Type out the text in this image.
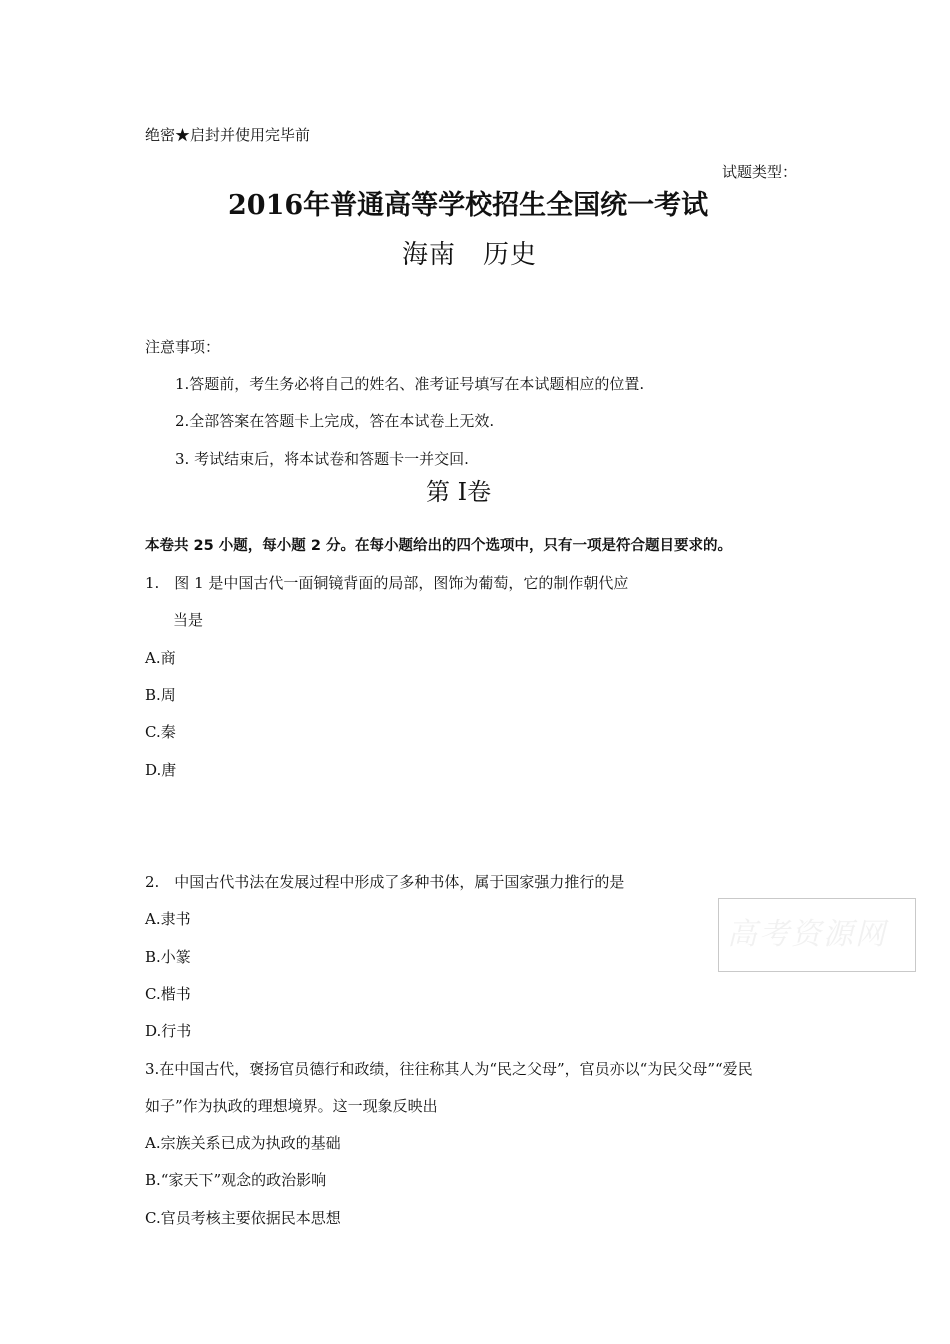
绝密★启封并使用完毕前
试题类型：
2016年普通高等学校招生全国统一考试
海南　历史
注意事项：
1.答题前，考生务必将自己的姓名、准考证号填写在本试题相应的位置.
2.全部答案在答题卡上完成，答在本试卷上无效.
3. 考试结束后，将本试卷和答题卡一并交回.
第 Ⅰ卷
本卷共 25 小题，每小题 2 分。在每小题给出的四个选项中，只有一项是符合题目要求的。
1.　图 1 是中国古代一面铜镜背面的局部，图饰为葡萄，它的制作朝代应
当是
A.商
B.周
C.秦
D.唐
2.　中国古代书法在发展过程中形成了多种书体，属于国家强力推行的是
A.隶书
B.小篆
C.楷书
D.行书
3.在中国古代，褒扬官员德行和政绩，往往称其人为“民之父母”，官员亦以“为民父母”“爱民
如子”作为执政的理想境界。这一现象反映出
A.宗族关系已成为执政的基础
B.“家天下”观念的政治影响
C.官员考核主要依据民本思想
高考资源网
